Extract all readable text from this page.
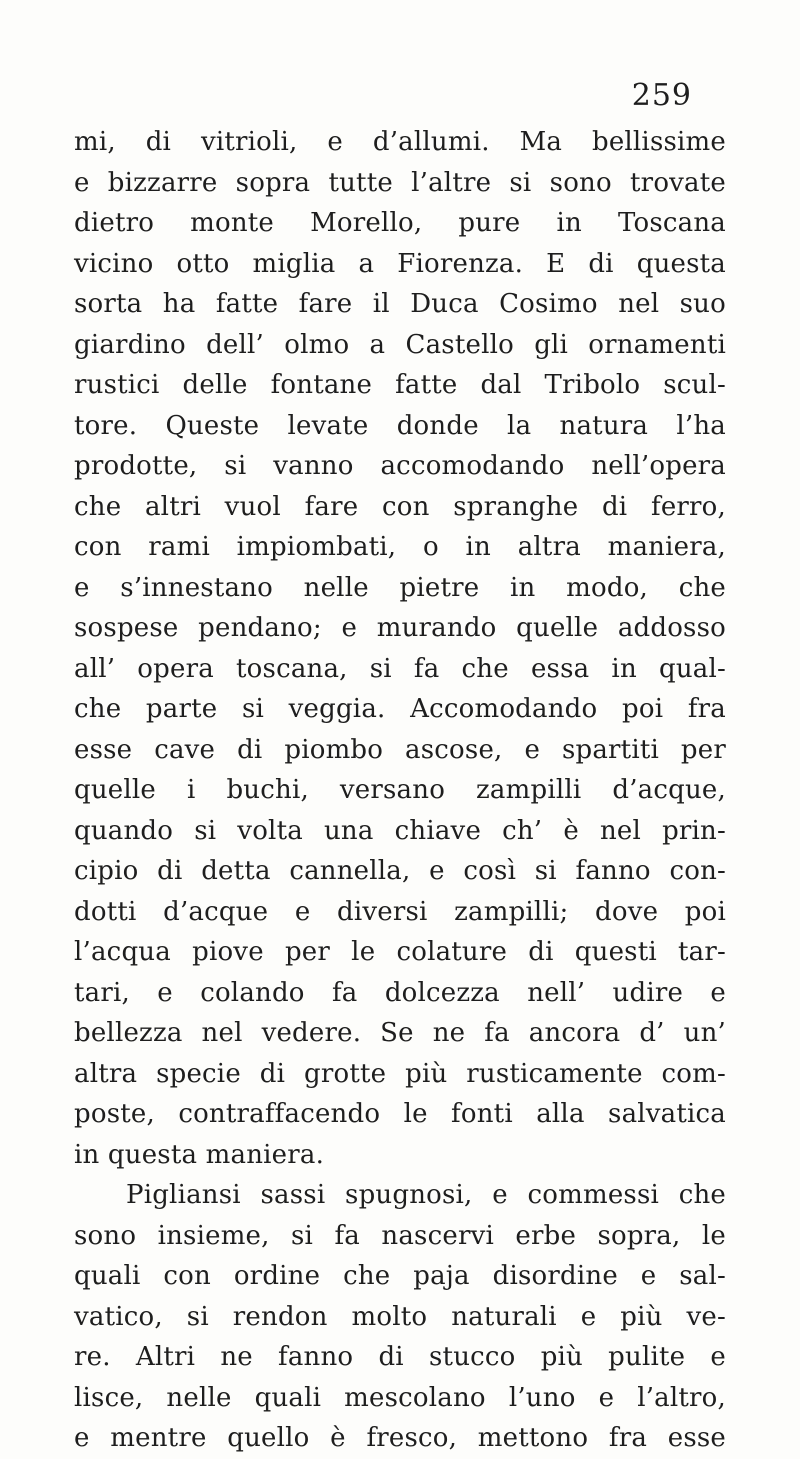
259
mi, di vitrioli, e d’allumi. Ma bellissime
e bizzarre sopra tutte l’altre si sono trovate
dietro monte Morello, pure in Toscana
vicino otto miglia a Fiorenza. E di questa
sorta ha fatte fare il Duca Cosimo nel suo
giardino dell’ olmo a Castello gli ornamenti
rustici delle fontane fatte dal Tribolo scul-
tore. Queste levate donde la natura l’ha
prodotte, si vanno accomodando nell’opera
che altri vuol fare con spranghe di ferro,
con rami impiombati, o in altra maniera,
e s’innestano nelle pietre in modo, che
sospese pendano; e murando quelle addosso
all’ opera toscana, si fa che essa in qual-
che parte si veggia. Accomodando poi fra
esse cave di piombo ascose, e spartiti per
quelle i buchi, versano zampilli d’acque,
quando si volta una chiave ch’ è nel prin-
cipio di detta cannella, e così si fanno con-
dotti d’acque e diversi zampilli; dove poi
l’acqua piove per le colature di questi tar-
tari, e colando fa dolcezza nell’ udire e
bellezza nel vedere. Se ne fa ancora d’ un’
altra specie di grotte più rusticamente com-
poste, contraffacendo le fonti alla salvatica
in questa maniera.
Pigliansi sassi spugnosi, e commessi che
sono insieme, si fa nascervi erbe sopra, le
quali con ordine che paja disordine e sal-
vatico, si rendon molto naturali e più ve-
re. Altri ne fanno di stucco più pulite e
lisce, nelle quali mescolano l’uno e l’altro,
e mentre quello è fresco, mettono fra esse
